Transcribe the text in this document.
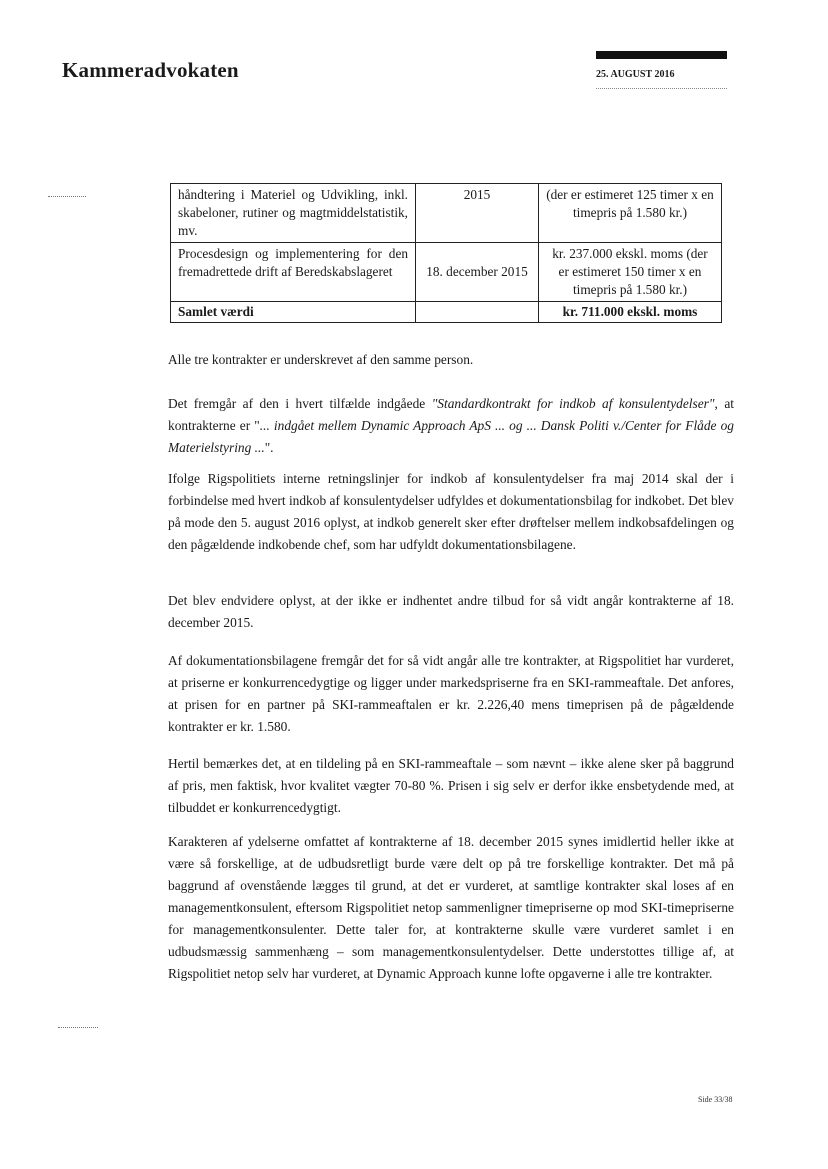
Kammeradvokaten	25. AUGUST 2016
håndtering i Materiel og Udvikling, inkl. skabeloner, rutiner og magtmiddelstatistik, mv.	2015	(der er estimeret 125 timer x en timepris på 1.580 kr.)
Procesdesign og implementering for den fremadrettede drift af Beredskabslageret	18. december 2015	kr. 237.000 ekskl. moms (der er estimeret 150 timer x en timepris på 1.580 kr.)
Samlet værdi		kr. 711.000 ekskl. moms

Alle tre kontrakter er underskrevet af den samme person.

Det fremgår af den i hvert tilfælde indgåede "Standardkontrakt for indkob af konsulentydelser", at kontrakterne er "... indgået mellem Dynamic Approach ApS ... og ... Dansk Politi v./Center for Flåde og Materielstyring ...".

Ifolge Rigspolitiets interne retningslinjer for indkob af konsulentydelser fra maj 2014 skal der i forbindelse med hvert indkob af konsulentydelser udfyldes et dokumentationsbilag for indkobet. Det blev på mode den 5. august 2016 oplyst, at indkob generelt sker efter drøftelser mellem indkobsafdelingen og den pågældende indkobende chef, som har udfyldt dokumentationsbilagene.

Det blev endvidere oplyst, at der ikke er indhentet andre tilbud for så vidt angår kontrakterne af 18. december 2015.

Af dokumentationsbilagene fremgår det for så vidt angår alle tre kontrakter, at Rigspolitiet har vurderet, at priserne er konkurrencedygtige og ligger under markedspriserne fra en SKI-rammeaftale. Det anfores, at prisen for en partner på SKI-rammeaftalen er kr. 2.226,40 mens timeprisen på de pågældende kontrakter er kr. 1.580.

Hertil bemærkes det, at en tildeling på en SKI-rammeaftale – som nævnt – ikke alene sker på baggrund af pris, men faktisk, hvor kvalitet vægter 70-80 %. Prisen i sig selv er derfor ikke ensbetydende med, at tilbuddet er konkurrencedygtigt.

Karakteren af ydelserne omfattet af kontrakterne af 18. december 2015 synes imidlertid heller ikke at være så forskellige, at de udbudsretligt burde være delt op på tre forskellige kontrakter. Det må på baggrund af ovenstående lægges til grund, at det er vurderet, at samtlige kontrakter skal loses af en managementkonsulent, eftersom Rigspolitiet netop sammenligner timepriserne op mod SKI-timepriserne for managementkonsulenter. Dette taler for, at kontrakterne skulle være vurderet samlet i en udbudsmæssig sammenhæng – som managementkonsulentydelser. Dette understottes tillige af, at Rigspolitiet netop selv har vurderet, at Dynamic Approach kunne lofte opgaverne i alle tre kontrakter.

Side 33/38
